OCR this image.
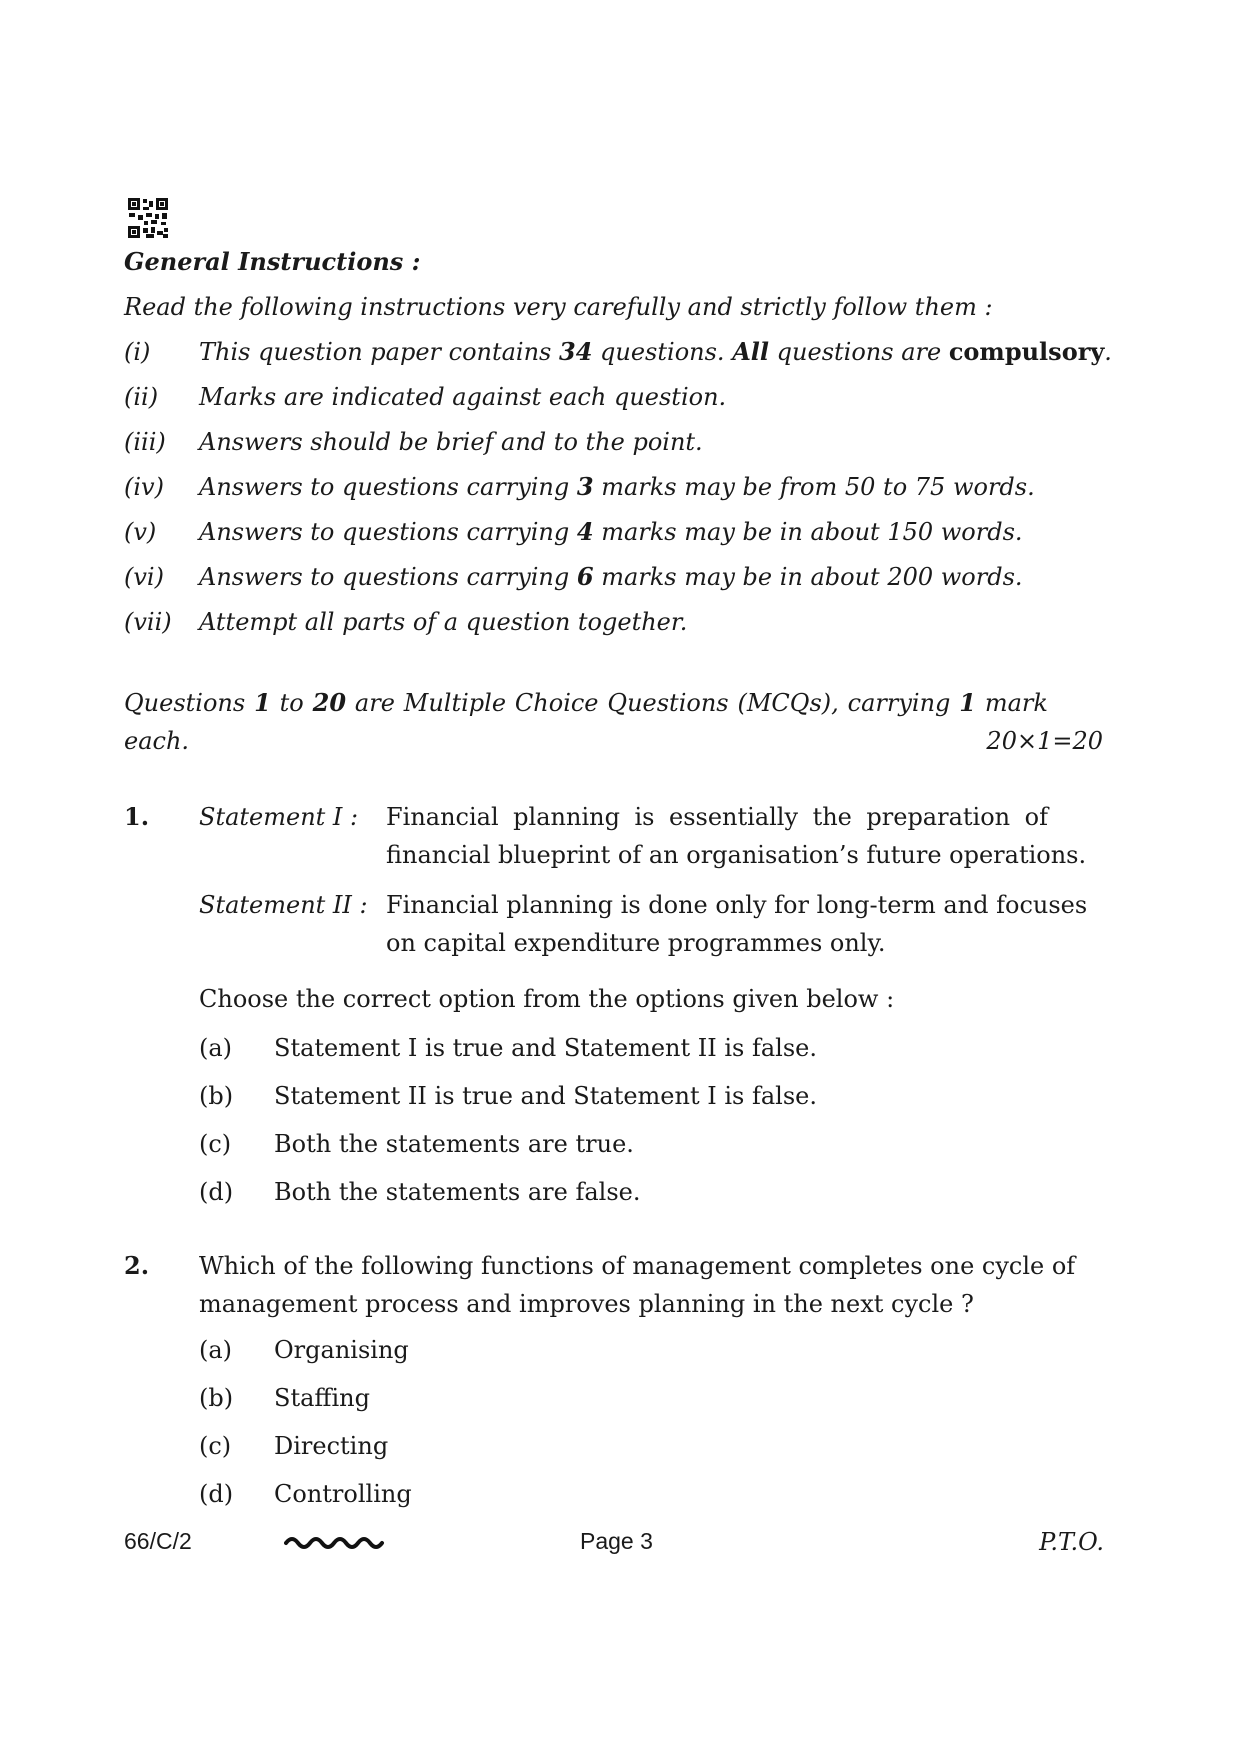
General Instructions :
Read the following instructions very carefully and strictly follow them :
(i) This question paper contains 34 questions. All questions are compulsory.
(ii) Marks are indicated against each question.
(iii) Answers should be brief and to the point.
(iv) Answers to questions carrying 3 marks may be from 50 to 75 words.
(v) Answers to questions carrying 4 marks may be in about 150 words.
(vi) Answers to questions carrying 6 marks may be in about 200 words.
(vii) Attempt all parts of a question together.
Questions 1 to 20 are Multiple Choice Questions (MCQs), carrying 1 mark
each.	20×1=20
1. Statement I : Financial planning is essentially the preparation of
financial blueprint of an organisation’s future operations.
Statement II : Financial planning is done only for long-term and focuses
on capital expenditure programmes only.
Choose the correct option from the options given below :
(a) Statement I is true and Statement II is false.
(b) Statement II is true and Statement I is false.
(c) Both the statements are true.
(d) Both the statements are false.
2. Which of the following functions of management completes one cycle of
management process and improves planning in the next cycle ?
(a) Organising
(b) Staffing
(c) Directing
(d) Controlling
66/C/2	Page 3	P.T.O.
